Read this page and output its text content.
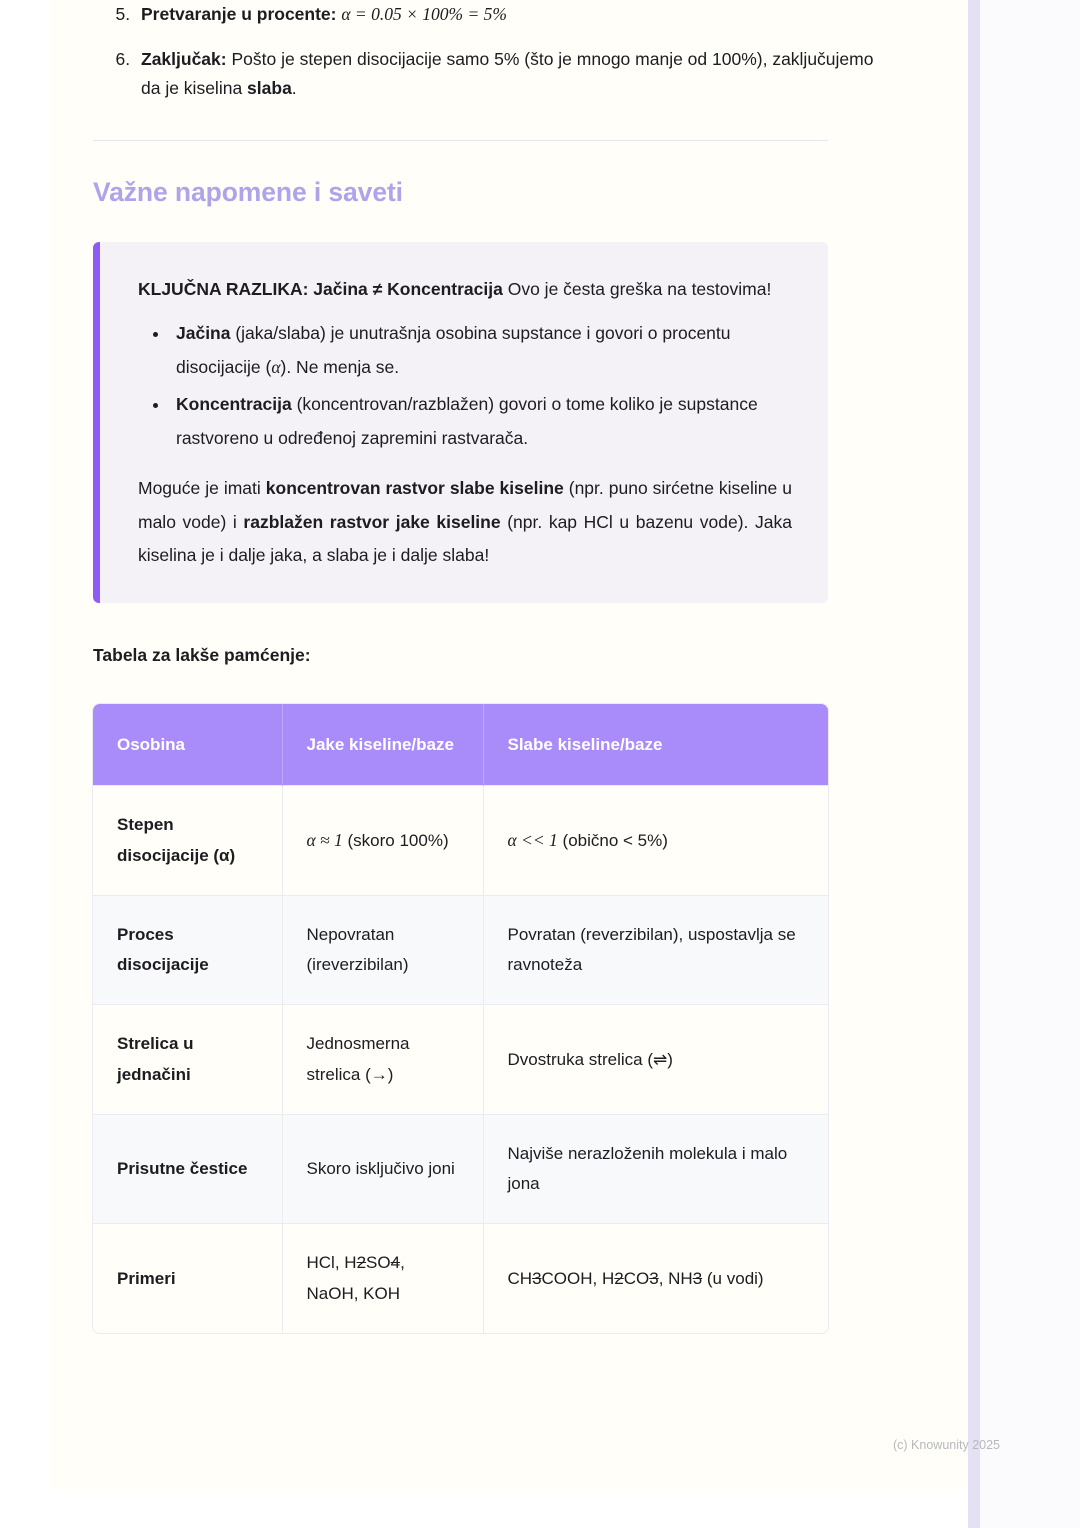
5. Pretvaranje u procente: α = 0.05 × 100% = 5%
6. Zaključak: Pošto je stepen disocijacije samo 5% (što je mnogo manje od 100%), zaključujemo da je kiselina slaba.
Važne napomene i saveti

KLJUČNA RAZLIKA: Jačina ≠ Koncentracija Ovo je česta greška na testovima!

• Jačina (jaka/slaba) je unutrašnja osobina supstance i govori o procentu disocijacije (α). Ne menja se.
• Koncentracija (koncentrovan/razblažen) govori o tome koliko je supstance rastvoreno u određenoj zapremini rastvarača.

Moguće je imati koncentrovan rastvor slabe kiseline (npr. puno sirćetne kiseline u malo vode) i razblažen rastvor jake kiseline (npr. kap HCl u bazenu vode). Jaka kiselina je i dalje jaka, a slaba je i dalje slaba!

Tabela za lakše pamćenje:
Osobina	Jake kiseline/baze	Slabe kiseline/baze
Stepen disocijacije (α)	α ≈ 1 (skoro 100%)	α << 1 (obično < 5%)
Proces disocijacije	Nepovratan (ireverzibilan)	Povratan (reverzibilan), uspostavlja se ravnoteža
Strelica u jednačini	Jednosmerna strelica (→)	Dvostruka strelica (⇌)
Prisutne čestice	Skoro isključivo joni	Najviše nerazloženih molekula i malo jona
Primeri	HCl, H2SO4, NaOH, KOH	CH3COOH, H2CO3, NH3 (u vodi)
(c) Knowunity 2025
